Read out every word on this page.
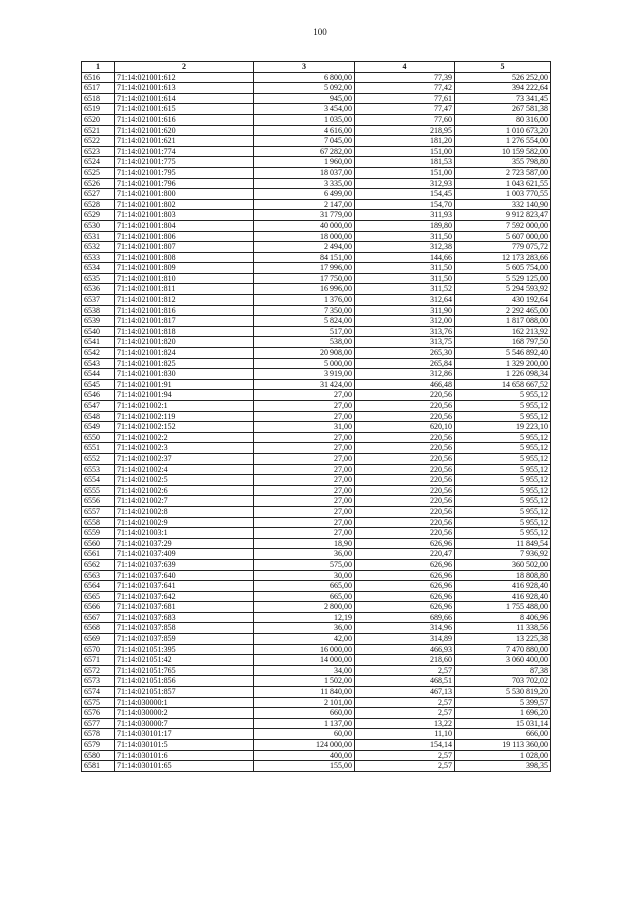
100
1	2	3	4	5
6516	71:14:021001:612	6 800,00	77,39	526 252,00
6517	71:14:021001:613	5 092,00	77,42	394 222,64
6518	71:14:021001:614	945,00	77,61	73 341,45
6519	71:14:021001:615	3 454,00	77,47	267 581,38
6520	71:14:021001:616	1 035,00	77,60	80 316,00
6521	71:14:021001:620	4 616,00	218,95	1 010 673,20
6522	71:14:021001:621	7 045,00	181,20	1 276 554,00
6523	71:14:021001:774	67 282,00	151,00	10 159 582,00
6524	71:14:021001:775	1 960,00	181,53	355 798,80
6525	71:14:021001:795	18 037,00	151,00	2 723 587,00
6526	71:14:021001:796	3 335,00	312,93	1 043 621,55
6527	71:14:021001:800	6 499,00	154,45	1 003 770,55
6528	71:14:021001:802	2 147,00	154,70	332 140,90
6529	71:14:021001:803	31 779,00	311,93	9 912 823,47
6530	71:14:021001:804	40 000,00	189,80	7 592 000,00
6531	71:14:021001:806	18 000,00	311,50	5 607 000,00
6532	71:14:021001:807	2 494,00	312,38	779 075,72
6533	71:14:021001:808	84 151,00	144,66	12 173 283,66
6534	71:14:021001:809	17 996,00	311,50	5 605 754,00
6535	71:14:021001:810	17 750,00	311,50	5 529 125,00
6536	71:14:021001:811	16 996,00	311,52	5 294 593,92
6537	71:14:021001:812	1 376,00	312,64	430 192,64
6538	71:14:021001:816	7 350,00	311,90	2 292 465,00
6539	71:14:021001:817	5 824,00	312,00	1 817 088,00
6540	71:14:021001:818	517,00	313,76	162 213,92
6541	71:14:021001:820	538,00	313,75	168 797,50
6542	71:14:021001:824	20 908,00	265,30	5 546 892,40
6543	71:14:021001:825	5 000,00	265,84	1 329 200,00
6544	71:14:021001:830	3 919,00	312,86	1 226 098,34
6545	71:14:021001:91	31 424,00	466,48	14 658 667,52
6546	71:14:021001:94	27,00	220,56	5 955,12
6547	71:14:021002:1	27,00	220,56	5 955,12
6548	71:14:021002:119	27,00	220,56	5 955,12
6549	71:14:021002:152	31,00	620,10	19 223,10
6550	71:14:021002:2	27,00	220,56	5 955,12
6551	71:14:021002:3	27,00	220,56	5 955,12
6552	71:14:021002:37	27,00	220,56	5 955,12
6553	71:14:021002:4	27,00	220,56	5 955,12
6554	71:14:021002:5	27,00	220,56	5 955,12
6555	71:14:021002:6	27,00	220,56	5 955,12
6556	71:14:021002:7	27,00	220,56	5 955,12
6557	71:14:021002:8	27,00	220,56	5 955,12
6558	71:14:021002:9	27,00	220,56	5 955,12
6559	71:14:021003:1	27,00	220,56	5 955,12
6560	71:14:021037:29	18,90	626,96	11 849,54
6561	71:14:021037:409	36,00	220,47	7 936,92
6562	71:14:021037:639	575,00	626,96	360 502,00
6563	71:14:021037:640	30,00	626,96	18 808,80
6564	71:14:021037:641	665,00	626,96	416 928,40
6565	71:14:021037:642	665,00	626,96	416 928,40
6566	71:14:021037:681	2 800,00	626,96	1 755 488,00
6567	71:14:021037:683	12,19	689,66	8 406,96
6568	71:14:021037:858	36,00	314,96	11 338,56
6569	71:14:021037:859	42,00	314,89	13 225,38
6570	71:14:021051:395	16 000,00	466,93	7 470 880,00
6571	71:14:021051:42	14 000,00	218,60	3 060 400,00
6572	71:14:021051:765	34,00	2,57	87,38
6573	71:14:021051:856	1 502,00	468,51	703 702,02
6574	71:14:021051:857	11 840,00	467,13	5 530 819,20
6575	71:14:030000:1	2 101,00	2,57	5 399,57
6576	71:14:030000:2	660,00	2,57	1 696,20
6577	71:14:030000:7	1 137,00	13,22	15 031,14
6578	71:14:030101:17	60,00	11,10	666,00
6579	71:14:030101:5	124 000,00	154,14	19 113 360,00
6580	71:14:030101:6	400,00	2,57	1 028,00
6581	71:14:030101:65	155,00	2,57	398,35
